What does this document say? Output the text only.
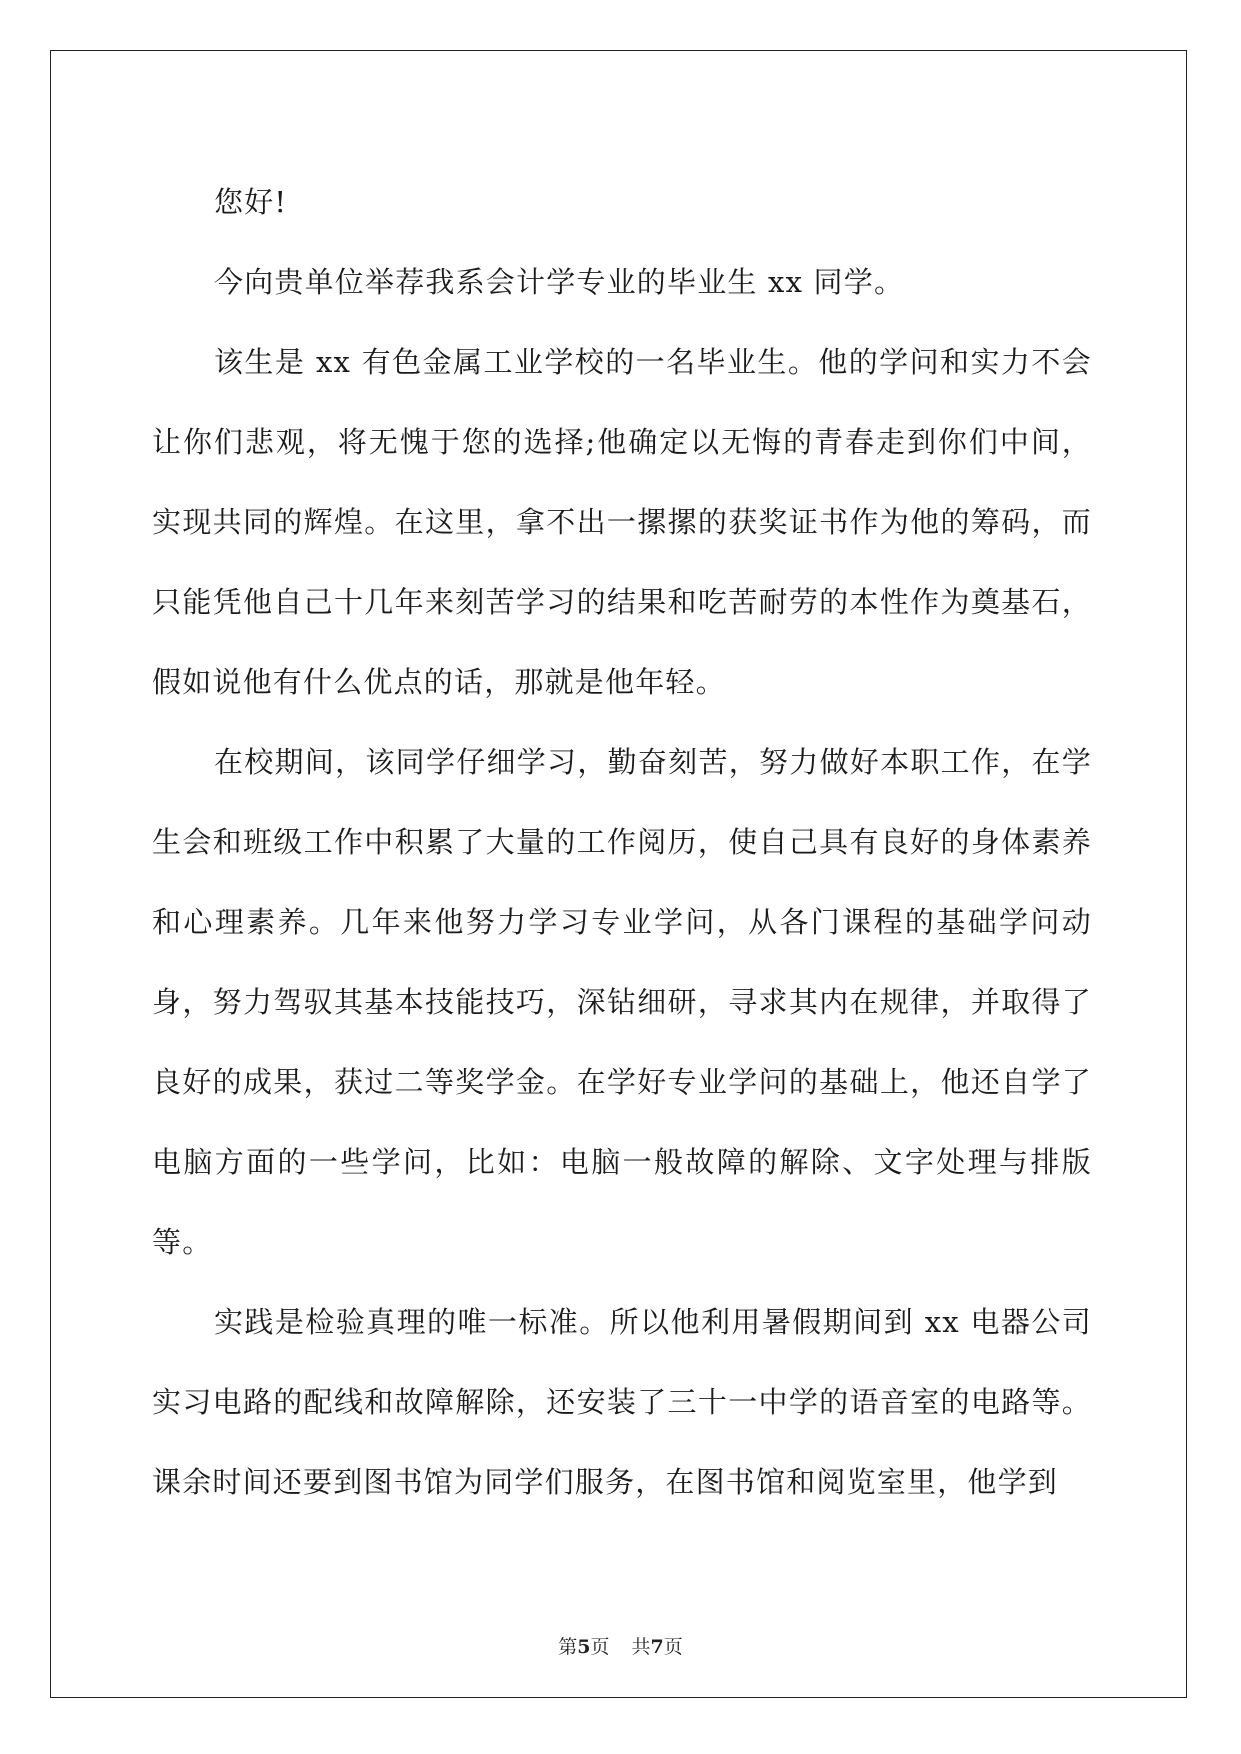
您好!

今向贵单位举荐我系会计学专业的毕业生 xx 同学。

该生是 xx 有色金属工业学校的一名毕业生。他的学问和实力不会让你们悲观，将无愧于您的选择;他确定以无悔的青春走到你们中间，实现共同的辉煌。在这里，拿不出一摞摞的获奖证书作为他的筹码，而只能凭他自己十几年来刻苦学习的结果和吃苦耐劳的本性作为奠基石，假如说他有什么优点的话，那就是他年轻。

在校期间，该同学仔细学习，勤奋刻苦，努力做好本职工作，在学生会和班级工作中积累了大量的工作阅历，使自己具有良好的身体素养和心理素养。几年来他努力学习专业学问，从各门课程的基础学问动身，努力驾驭其基本技能技巧，深钻细研，寻求其内在规律，并取得了良好的成果，获过二等奖学金。在学好专业学问的基础上，他还自学了电脑方面的一些学问，比如：电脑一般故障的解除、文字处理与排版等。

实践是检验真理的唯一标准。所以他利用暑假期间到 xx 电器公司实习电路的配线和故障解除，还安装了三十一中学的语音室的电路等。课余时间还要到图书馆为同学们服务，在图书馆和阅览室里，他学到

第5页 共7页
